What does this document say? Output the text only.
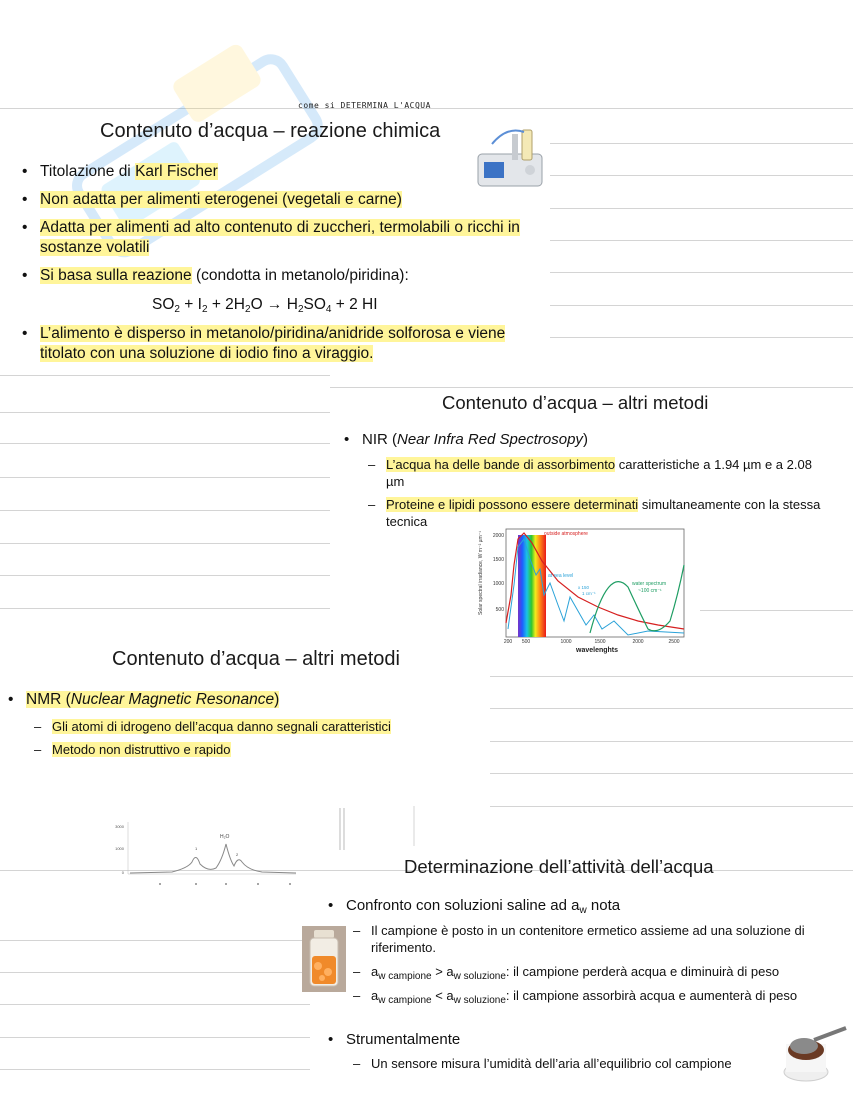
come si DETERMINA L'ACQUA
Contenuto d’acqua – reazione chimica
• Titolazione di Karl Fischer
• Non adatta per alimenti eterogenei (vegetali e carne)
• Adatta per alimenti ad alto contenuto di zuccheri, termolabili o ricchi in sostanze volatili
• Si basa sulla reazione (condotta in metanolo/piridina):
$SO_2 + I_2 + 2H_2O \to H_2SO_4 + 2$ HI
• L’alimento è disperso in metanolo/piridina/anidride solforosa e viene titolato con una soluzione di iodio fino a viraggio.
Contenuto d’acqua – altri metodi
• NIR (Near Infra Red Spectrosopy)
– L’acqua ha delle bande di assorbimento caratteristiche a 1.94 µm e a 2.08 µm
– Proteine e lipidi possono essere determinati simultaneamente con la stessa tecnica
Solar spectral irradiance, W m⁻² µm⁻¹	outside atmosphere
at sea level
x 150
1 cm⁻¹
water spectrum
~100 cm⁻¹
2000
1500
1000
500
200 500	1000	1500	2000	2500
wavelenghts
Contenuto d’acqua – altri metodi
• NMR (Nuclear Magnetic Resonance)
– Gli atomi di idrogeno dell’acqua danno segnali caratteristici
– Metodo non distruttivo e rapido
3000
1000
0
H₂O
1
2
Determinazione dell’attività dell’acqua
• Confronto con soluzioni saline ad $a_w$ nota
– Il campione è posto in un contenitore ermetico assieme ad una soluzione di riferimento.
– $a_{w campione} > a_{w soluzione}$: il campione perderà acqua e diminuirà di peso
– $a_{w campione} < a_{w soluzione}$: il campione assorbirà acqua e aumenterà di peso
• Strumentalmente
– Un sensore misura l’umidità dell’aria all’equilibrio col campione
